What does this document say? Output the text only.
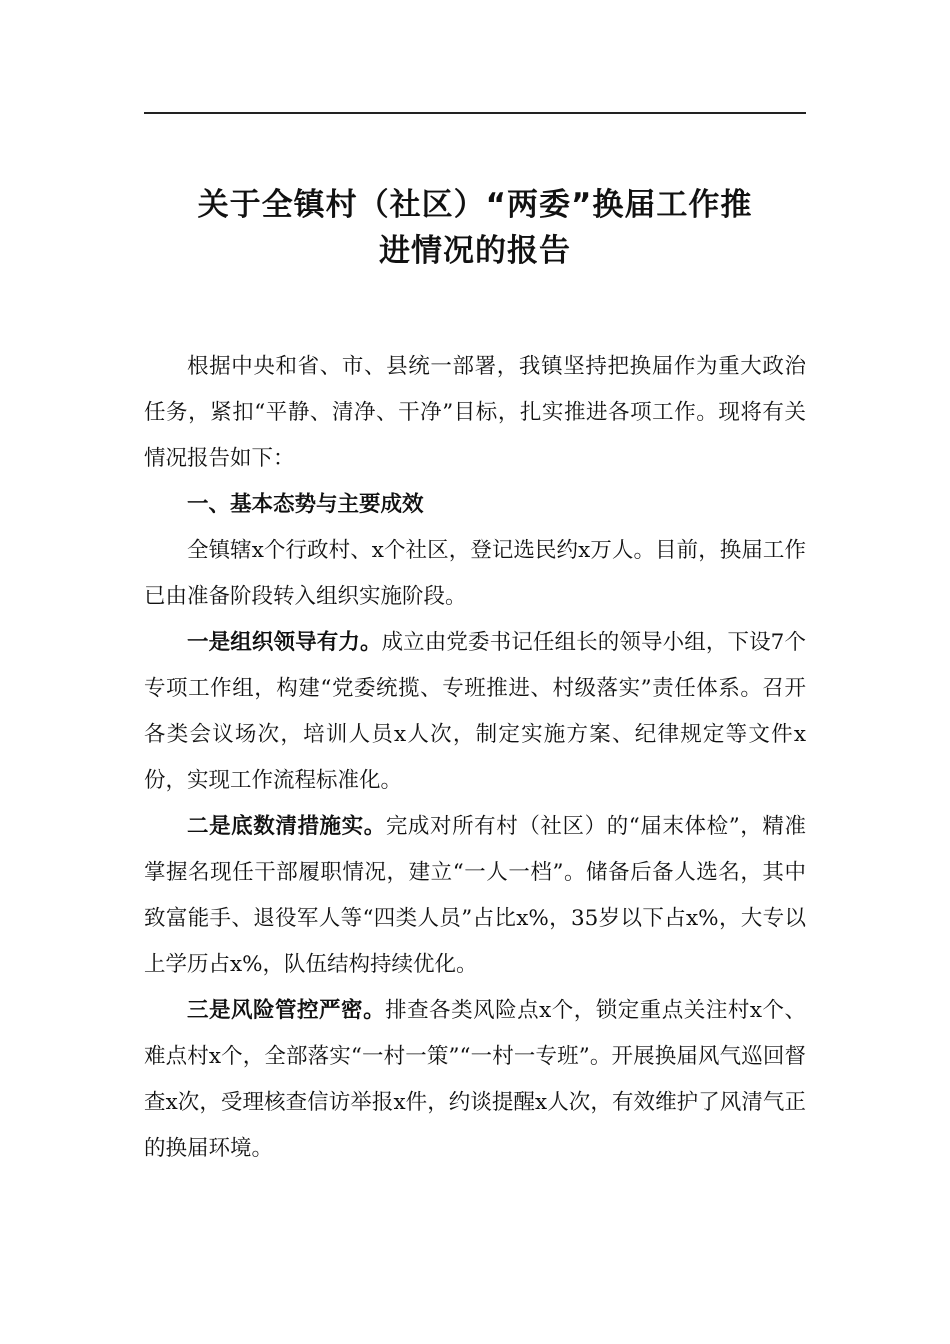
关于全镇村（社区）“两委”换届工作推
进情况的报告

根据中央和省、市、县统一部署，我镇坚持把换届作为重大政治任务，紧扣“平静、清净、干净”目标，扎实推进各项工作。现将有关情况报告如下：

一、基本态势与主要成效

全镇辖x个行政村、x个社区，登记选民约x万人。目前，换届工作已由准备阶段转入组织实施阶段。

一是组织领导有力。成立由党委书记任组长的领导小组，下设7个专项工作组，构建“党委统揽、专班推进、村级落实”责任体系。召开各类会议场次，培训人员x人次，制定实施方案、纪律规定等文件x份，实现工作流程标准化。

二是底数清措施实。完成对所有村（社区）的“届末体检”，精准掌握名现任干部履职情况，建立“一人一档”。储备后备人选名，其中致富能手、退役军人等“四类人员”占比x%，35岁以下占x%，大专以上学历占x%，队伍结构持续优化。

三是风险管控严密。排查各类风险点x个，锁定重点关注村x个、难点村x个，全部落实“一村一策”“一村一专班”。开展换届风气巡回督查x次，受理核查信访举报x件，约谈提醒x人次，有效维护了风清气正的换届环境。
